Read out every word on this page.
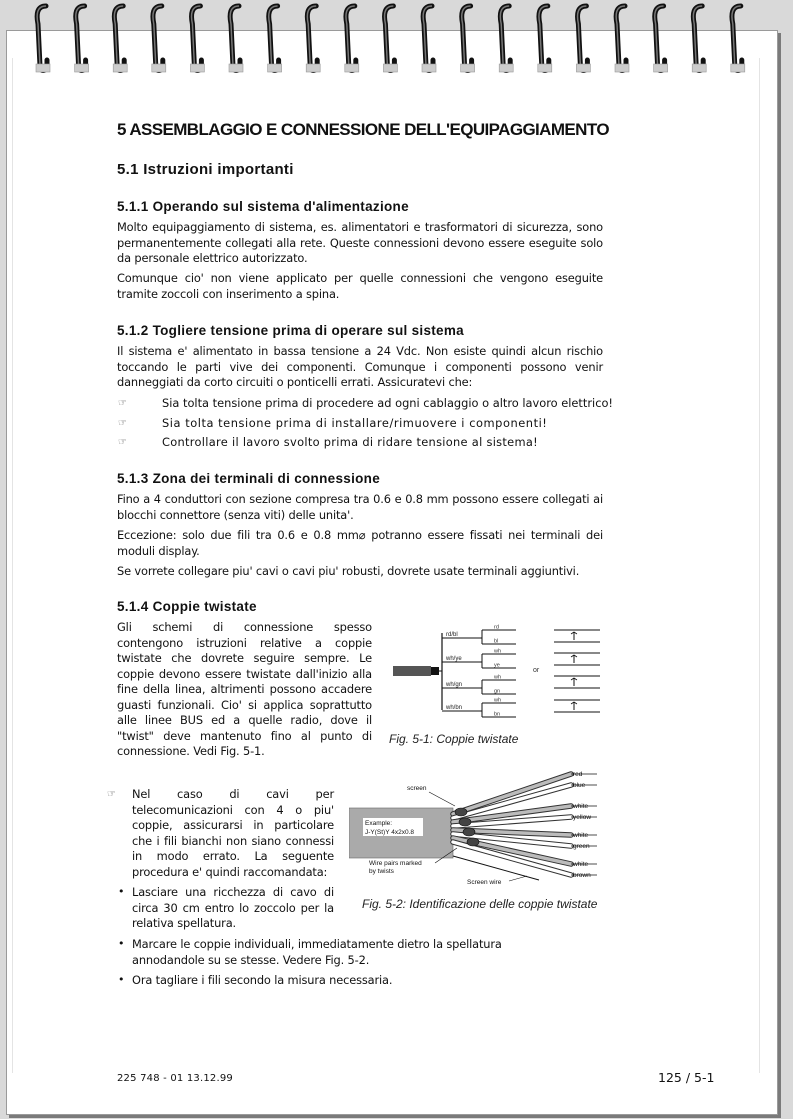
5 ASSEMBLAGGIO E CONNESSIONE DELL'EQUIPAGGIAMENTO
5.1 Istruzioni importanti
5.1.1 Operando sul sistema d'alimentazione

Molto equipaggiamento di sistema, es. alimentatori e trasformatori di sicurezza, sono permanentemente collegati alla rete. Queste connessioni devono essere eseguite solo da personale elettrico autorizzato.

Comunque cio' non viene applicato per quelle connessioni che vengono eseguite tramite zoccoli con inserimento a spina.

5.1.2 Togliere tensione prima di operare sul sistema

Il sistema e' alimentato in bassa tensione a 24 Vdc. Non esiste quindi alcun rischio toccando le parti vive dei componenti. Comunque i componenti possono venir danneggiati da corto circuiti o ponticelli errati. Assicuratevi che:

☞	Sia tolta tensione prima di procedere ad ogni cablaggio o altro lavoro elettrico!
☞	Sia tolta tensione prima di installare/rimuovere i componenti!
☞	Controllare il lavoro svolto prima di ridare tensione al sistema!
5.1.3 Zona dei terminali di connessione

Fino a 4 conduttori con sezione compresa tra 0.6 e 0.8 mm possono essere collegati ai blocchi connettore (senza viti) delle unita'.

Eccezione: solo due fili tra 0.6 e 0.8 mm⌀ potranno essere fissati nei terminali dei moduli display.

Se vorrete collegare piu' cavi o cavi piu' robusti, dovrete usate terminali aggiuntivi.

5.1.4 Coppie twistate

Gli schemi di connessione spesso contengono istruzioni relative a coppie twistate che dovrete seguire sempre. Le coppie devono essere twistate dall'inizio alla fine della linea, altrimenti possono accadere guasti funzionali. Cio' si applica soprattutto alle linee BUS ed a quelle radio, dove il "twist" deve mantenuto fino al punto di connessione. Vedi Fig. 5-1.

rd/bl
rd
bl
wh/ye
wh
ye
wh/gn
wh
gn
wh/bn
wh
bn
or
Fig. 5-1: Coppie twistate
☞ Nel caso di cavi per telecomunicazioni con 4 o piu' coppie, assicurarsi in particolare che i fili bianchi non siano connessi in modo errato. La seguente procedura e' quindi raccomandata:

Example:
J-Y(St)Y 4x2x0.8
screen
Wire pairs marked by twists
Screen wire
red
blue
white
yellow
white
green
white
brown
Fig. 5-2: Identificazione delle coppie twistate
• Lasciare una ricchezza di cavo di circa 30 cm entro lo zoccolo per la relativa spellatura.

• Marcare le coppie individuali, immediatamente dietro la spellatura annodandole su se stesse. Vedere Fig. 5-2.

• Ora tagliare i fili secondo la misura necessaria.

225 748 - 01 13.12.99	125 / 5-1
